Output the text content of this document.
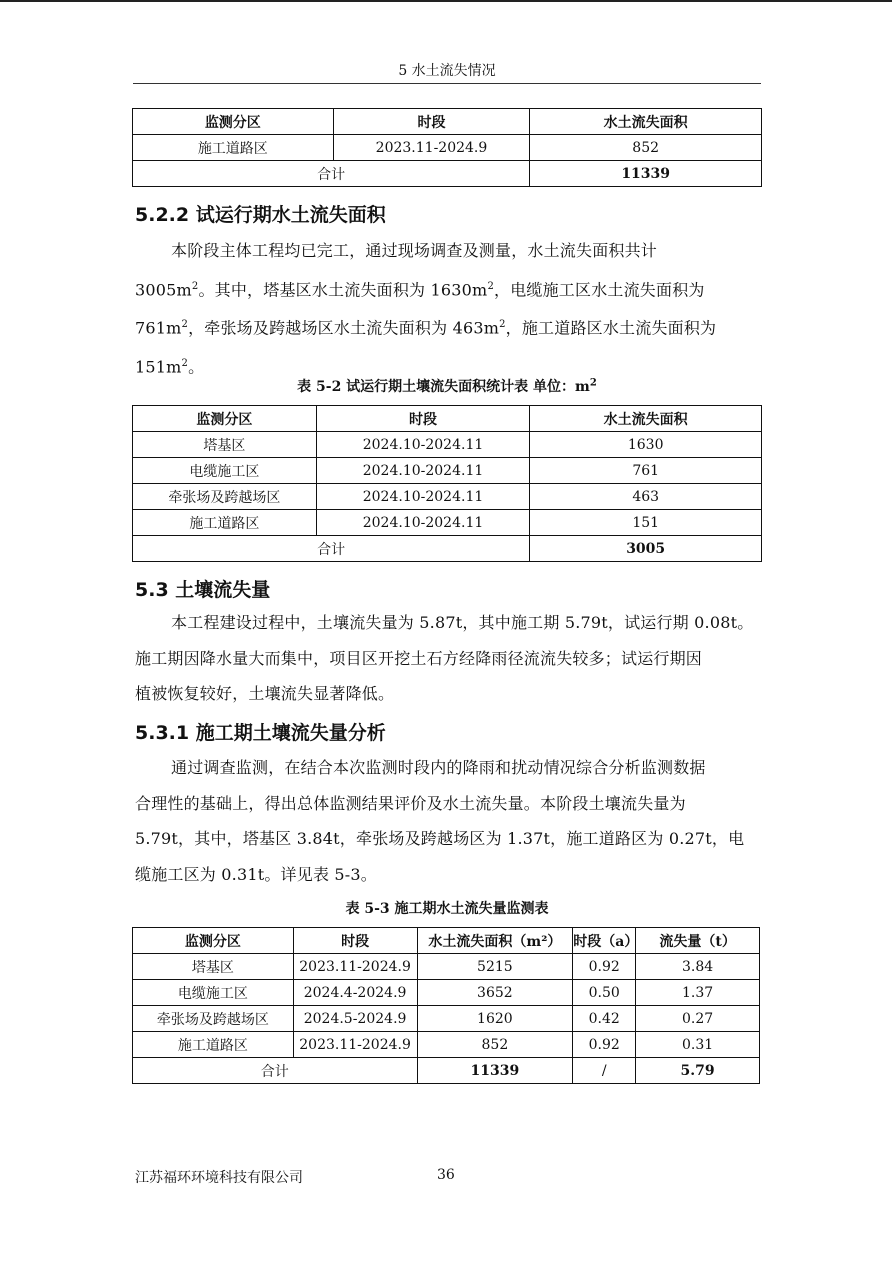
5 水土流失情况
监测分区	时段	水土流失面积
施工道路区	2023.11-2024.9	852
合计		11339
5.2.2 试运行期水土流失面积
本阶段主体工程均已完工，通过现场调查及测量，水土流失面积共计
$3005m^2$。其中，塔基区水土流失面积为 $1630m^2$，电缆施工区水土流失面积为
$761m^2$，牵张场及跨越场区水土流失面积为 $463m^2$，施工道路区水土流失面积为
$151m^2$。
表 5-2 试运行期土壤流失面积统计表 单位：$m^2$
监测分区	时段	水土流失面积
塔基区	2024.10-2024.11	1630
电缆施工区	2024.10-2024.11	761
牵张场及跨越场区	2024.10-2024.11	463
施工道路区	2024.10-2024.11	151
合计		3005
5.3 土壤流失量
本工程建设过程中，土壤流失量为 5.87t，其中施工期 5.79t，试运行期 0.08t。
施工期因降水量大而集中，项目区开挖土石方经降雨径流流失较多；试运行期因
植被恢复较好，土壤流失显著降低。
5.3.1 施工期土壤流失量分析
通过调查监测，在结合本次监测时段内的降雨和扰动情况综合分析监测数据
合理性的基础上，得出总体监测结果评价及水土流失量。本阶段土壤流失量为
5.79t，其中，塔基区 3.84t，牵张场及跨越场区为 1.37t，施工道路区为 0.27t，电
缆施工区为 0.31t。详见表 5-3。
表 5-3 施工期水土流失量监测表
监测分区	时段	水土流失面积（m²）	时段（a）	流失量（t）
塔基区	2023.11-2024.9	5215	0.92	3.84
电缆施工区	2024.4-2024.9	3652	0.50	1.37
牵张场及跨越场区	2024.5-2024.9	1620	0.42	0.27
施工道路区	2023.11-2024.9	852	0.92	0.31
合计		11339	/	5.79
江苏福环环境科技有限公司	36
